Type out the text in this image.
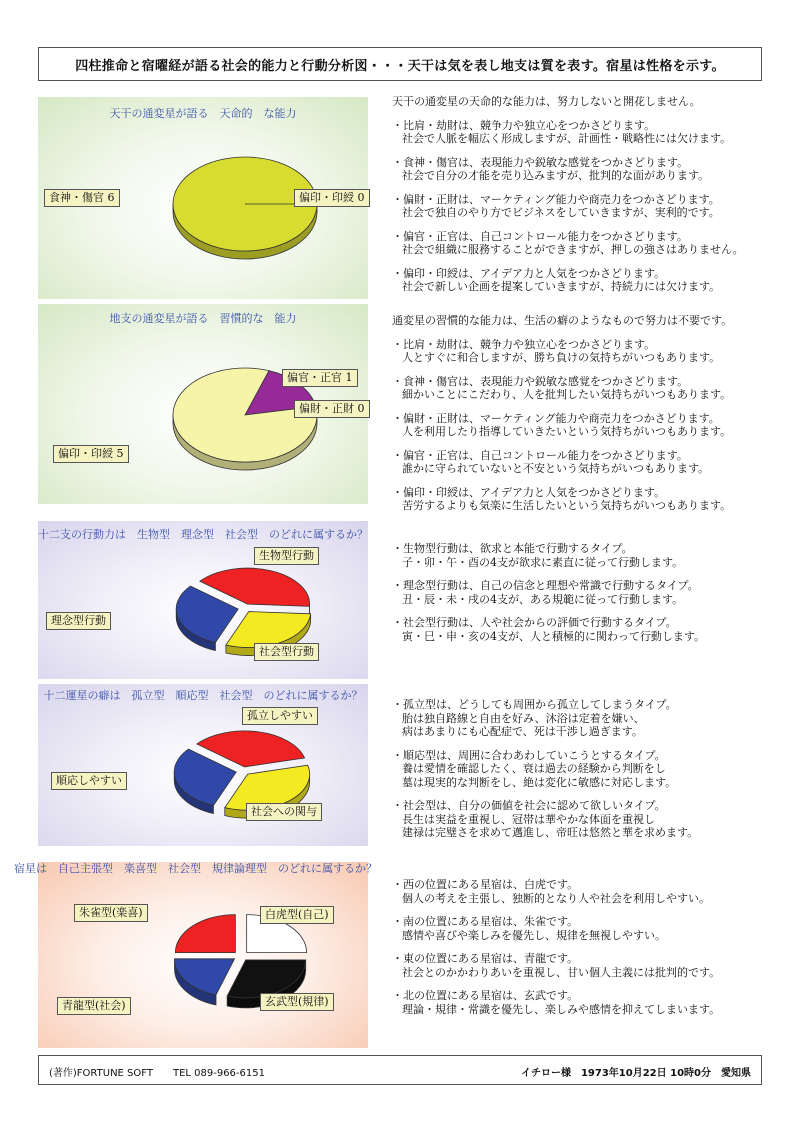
四柱推命と宿曜経が語る社会的能力と行動分析図・・・天干は気を表し地支は質を表す。宿星は性格を示す。
天干の通変星が語る　天命的　な能力
食神・傷官 6	偏印・印綬 0
地支の通変星が語る　習慣的な　能力
偏官・正官 1
偏財・正財 0
偏印・印綬 5
十二支の行動力は　生物型　理念型　社会型　のどれに属するか？
生物型行動
理念型行動
社会型行動
十二運星の癖は　孤立型　順応型　社会型　のどれに属するか？
孤立しやすい
順応しやすい
社会への関与
宿星は　自己主張型　楽喜型　社会型　規律論理型　のどれに属するか？
朱雀型(楽喜)	白虎型(自己)
青龍型(社会)	玄武型(規律)
天干の通変星の天命的な能力は、努力しないと開花しません。
・比肩・劫財は、競争力や独立心をつかさどります。
社会で人脈を幅広く形成しますが、計画性・戦略性には欠けます。
・食神・傷官は、表現能力や鋭敏な感覚をつかさどります。
社会で自分の才能を売り込みますが、批判的な面があります。
・偏財・正財は、マーケティング能力や商売力をつかさどります。
社会で独自のやり方でビジネスをしていきますが、実利的です。
・偏官・正官は、自己コントロール能力をつかさどります。
社会で組織に服務することができますが、押しの強さはありません。
・偏印・印綬は、アイデア力と人気をつかさどります。
社会で新しい企画を提案していきますが、持続力には欠けます。
通変星の習慣的な能力は、生活の癖のようなもので努力は不要です。
・比肩・劫財は、競争力や独立心をつかさどります。
人とすぐに和合しますが、勝ち負けの気持ちがいつもあります。
・食神・傷官は、表現能力や鋭敏な感覚をつかさどります。
細かいことにこだわり、人を批判したい気持ちがいつもあります。
・偏財・正財は、マーケティング能力や商売力をつかさどります。
人を利用したり指導していきたいという気持ちがいつもあります。
・偏官・正官は、自己コントロール能力をつかさどります。
誰かに守られていないと不安という気持ちがいつもあります。
・偏印・印綬は、アイデア力と人気をつかさどります。
苦労するよりも気楽に生活したいという気持ちがいつもあります。
・生物型行動は、欲求と本能で行動するタイプ。
子・卯・午・酉の4支が欲求に素直に従って行動します。
・理念型行動は、自己の信念と理想や常識で行動するタイプ。
丑・辰・未・戌の4支が、ある規範に従って行動します。
・社会型行動は、人や社会からの評価で行動するタイプ。
寅・巳・申・亥の4支が、人と積極的に関わって行動します。
・孤立型は、どうしても周囲から孤立してしまうタイプ。
胎は独自路線と自由を好み、沐浴は定着を嫌い、
病はあまりにも心配症で、死は干渉し過ぎます。
・順応型は、周囲に合わあわしていこうとするタイプ。
養は愛情を確認したく、衰は過去の経験から判断をし
墓は現実的な判断をし、絶は変化に敏感に対応します。
・社会型は、自分の価値を社会に認めて欲しいタイプ。
長生は実益を重視し、冠帯は華やかな体面を重視し
建禄は完璧さを求めて邁進し、帝旺は悠然と華を求めます。
・西の位置にある星宿は、白虎です。
個人の考えを主張し、独断的となり人や社会を利用しやすい。
・南の位置にある星宿は、朱雀です。
感情や喜びや楽しみを優先し、規律を無視しやすい。
・東の位置にある星宿は、青龍です。
社会とのかかわりあいを重視し、甘い個人主義には批判的です。
・北の位置にある星宿は、玄武です。
理論・規律・常識を優先し、楽しみや感情を抑えてしまいます。
(著作)FORTUNE SOFT　　TEL 089-966-6151	イチロー様　1973年10月22日 10時0分　愛知県
